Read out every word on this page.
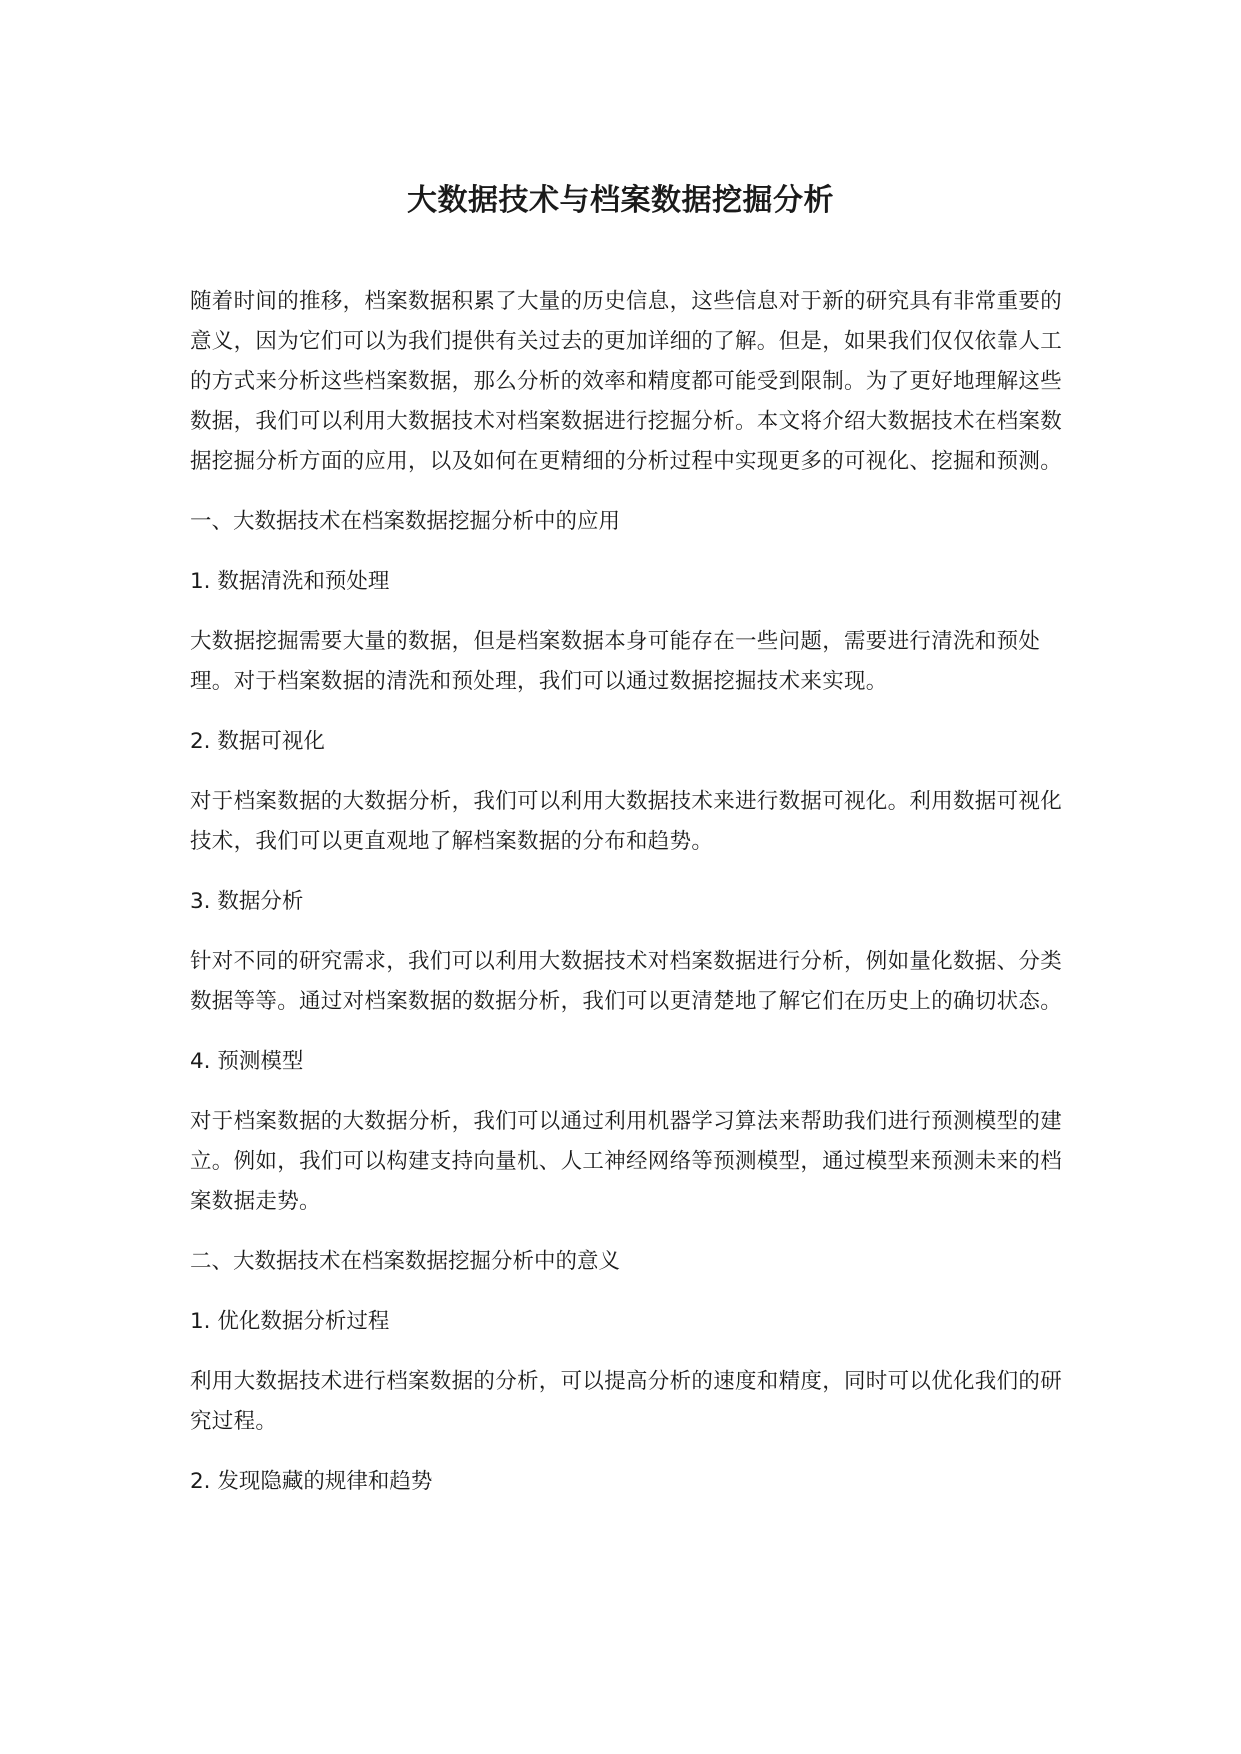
大数据技术与档案数据挖掘分析

随着时间的推移，档案数据积累了大量的历史信息，这些信息对于新的研究具有非常重要的意义，因为它们可以为我们提供有关过去的更加详细的了解。但是，如果我们仅仅依靠人工的方式来分析这些档案数据，那么分析的效率和精度都可能受到限制。为了更好地理解这些数据，我们可以利用大数据技术对档案数据进行挖掘分析。本文将介绍大数据技术在档案数据挖掘分析方面的应用，以及如何在更精细的分析过程中实现更多的可视化、挖掘和预测。

一、大数据技术在档案数据挖掘分析中的应用
1. 数据清洗和预处理

大数据挖掘需要大量的数据，但是档案数据本身可能存在一些问题，需要进行清洗和预处理。对于档案数据的清洗和预处理，我们可以通过数据挖掘技术来实现。

2. 数据可视化

对于档案数据的大数据分析，我们可以利用大数据技术来进行数据可视化。利用数据可视化技术，我们可以更直观地了解档案数据的分布和趋势。

3. 数据分析

针对不同的研究需求，我们可以利用大数据技术对档案数据进行分析，例如量化数据、分类数据等等。通过对档案数据的数据分析，我们可以更清楚地了解它们在历史上的确切状态。

4. 预测模型

对于档案数据的大数据分析，我们可以通过利用机器学习算法来帮助我们进行预测模型的建立。例如，我们可以构建支持向量机、人工神经网络等预测模型，通过模型来预测未来的档案数据走势。

二、大数据技术在档案数据挖掘分析中的意义
1. 优化数据分析过程

利用大数据技术进行档案数据的分析，可以提高分析的速度和精度，同时可以优化我们的研究过程。

2. 发现隐藏的规律和趋势
